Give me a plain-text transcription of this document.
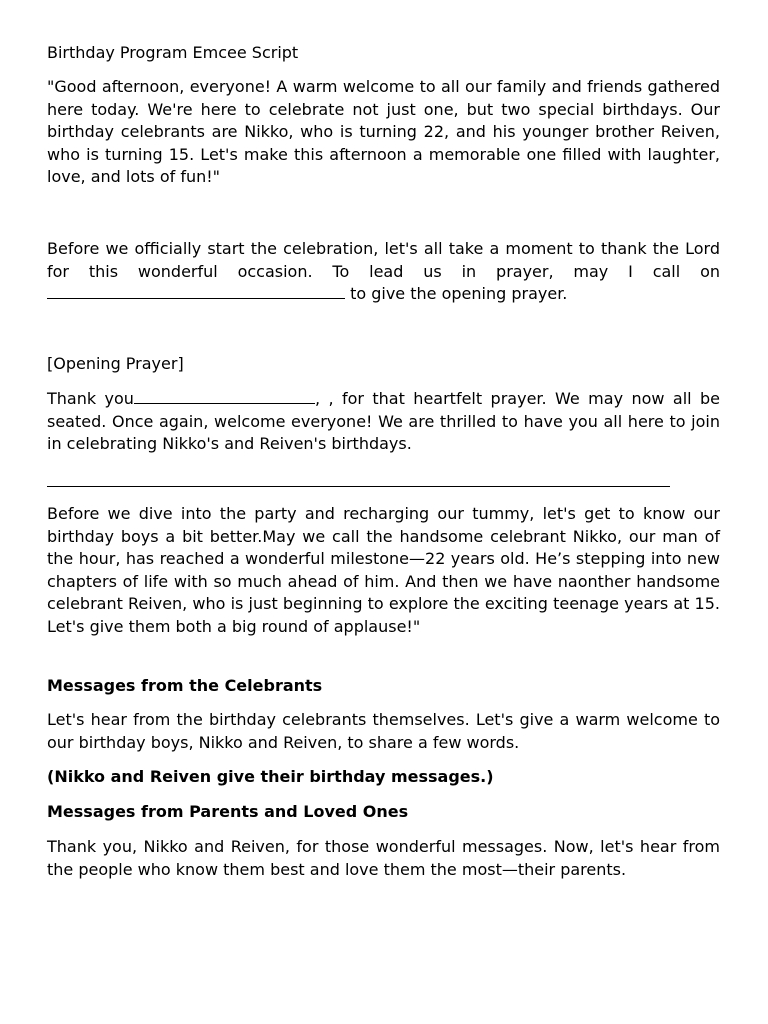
Birthday Program Emcee Script

"Good afternoon, everyone! A warm welcome to all our family and friends gathered here today. We're here to celebrate not just one, but two special birthdays. Our birthday celebrants are Nikko, who is turning 22, and his younger brother Reiven, who is turning 15. Let's make this afternoon a memorable one filled with laughter, love, and lots of fun!"

Before we officially start the celebration, let's all take a moment to thank the Lord for this wonderful occasion. To lead us in prayer, may I call on to give the opening prayer.

[Opening Prayer]

Thank you	, , for that heartfelt prayer. We may now all be seated. Once again, welcome everyone! We are thrilled to have you all here to join in celebrating Nikko's and Reiven's birthdays.

Before we dive into the party and recharging our tummy, let's get to know our birthday boys a bit better.May we call the handsome celebrant Nikko, our man of the hour, has reached a wonderful milestone—22 years old. He’s stepping into new chapters of life with so much ahead of him. And then we have naonther handsome celebrant Reiven, who is just beginning to explore the exciting teenage years at 15. Let's give them both a big round of applause!"

Messages from the Celebrants

Let's hear from the birthday celebrants themselves. Let's give a warm welcome to our birthday boys, Nikko and Reiven, to share a few words.

(Nikko and Reiven give their birthday messages.)

Messages from Parents and Loved Ones

Thank you, Nikko and Reiven, for those wonderful messages. Now, let's hear from the people who know them best and love them the most—their parents.
